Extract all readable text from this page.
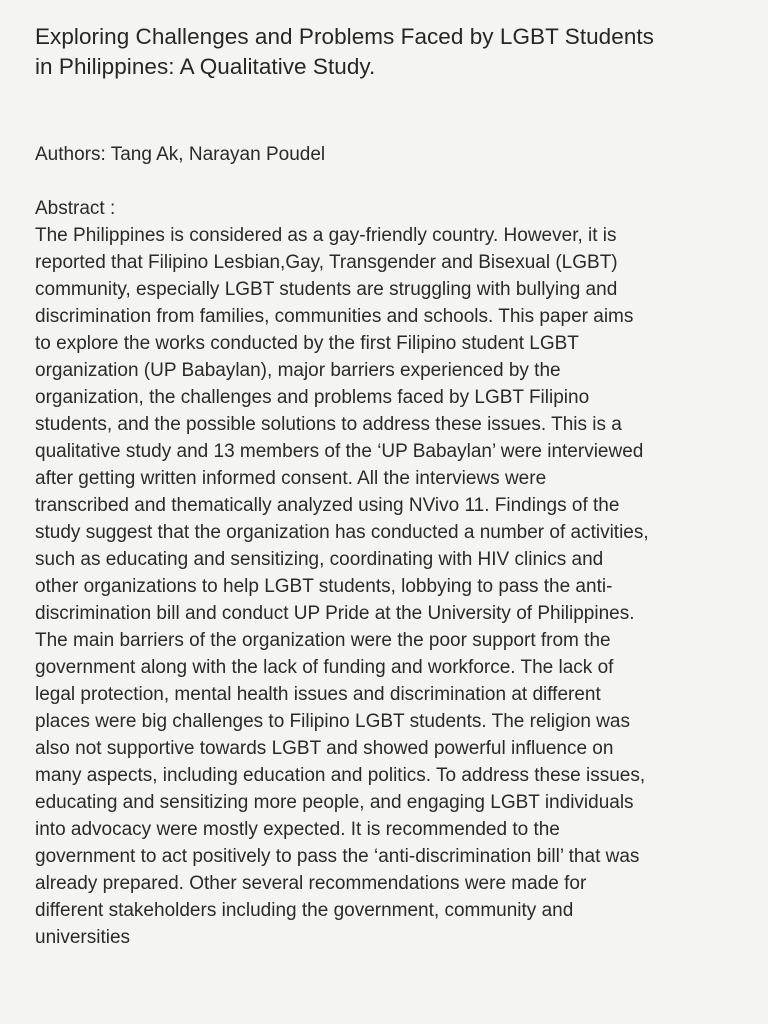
Exploring Challenges and Problems Faced by LGBT Students
in Philippines: A Qualitative Study.

Authors: Tang Ak, Narayan Poudel

Abstract :

The Philippines is considered as a gay-friendly country. However, it is
reported that Filipino Lesbian,Gay, Transgender and Bisexual (LGBT)
community, especially LGBT students are struggling with bullying and
discrimination from families, communities and schools. This paper aims
to explore the works conducted by the first Filipino student LGBT
organization (UP Babaylan), major barriers experienced by the
organization, the challenges and problems faced by LGBT Filipino
students, and the possible solutions to address these issues. This is a
qualitative study and 13 members of the ‘UP Babaylan’ were interviewed
after getting written informed consent. All the interviews were
transcribed and thematically analyzed using NVivo 11. Findings of the
study suggest that the organization has conducted a number of activities,
such as educating and sensitizing, coordinating with HIV clinics and
other organizations to help LGBT students, lobbying to pass the anti-
discrimination bill and conduct UP Pride at the University of Philippines.
The main barriers of the organization were the poor support from the
government along with the lack of funding and workforce. The lack of
legal protection, mental health issues and discrimination at different
places were big challenges to Filipino LGBT students. The religion was
also not supportive towards LGBT and showed powerful influence on
many aspects, including education and politics. To address these issues,
educating and sensitizing more people, and engaging LGBT individuals
into advocacy were mostly expected. It is recommended to the
government to act positively to pass the ‘anti-discrimination bill’ that was
already prepared. Other several recommendations were made for
different stakeholders including the government, community and
universities
